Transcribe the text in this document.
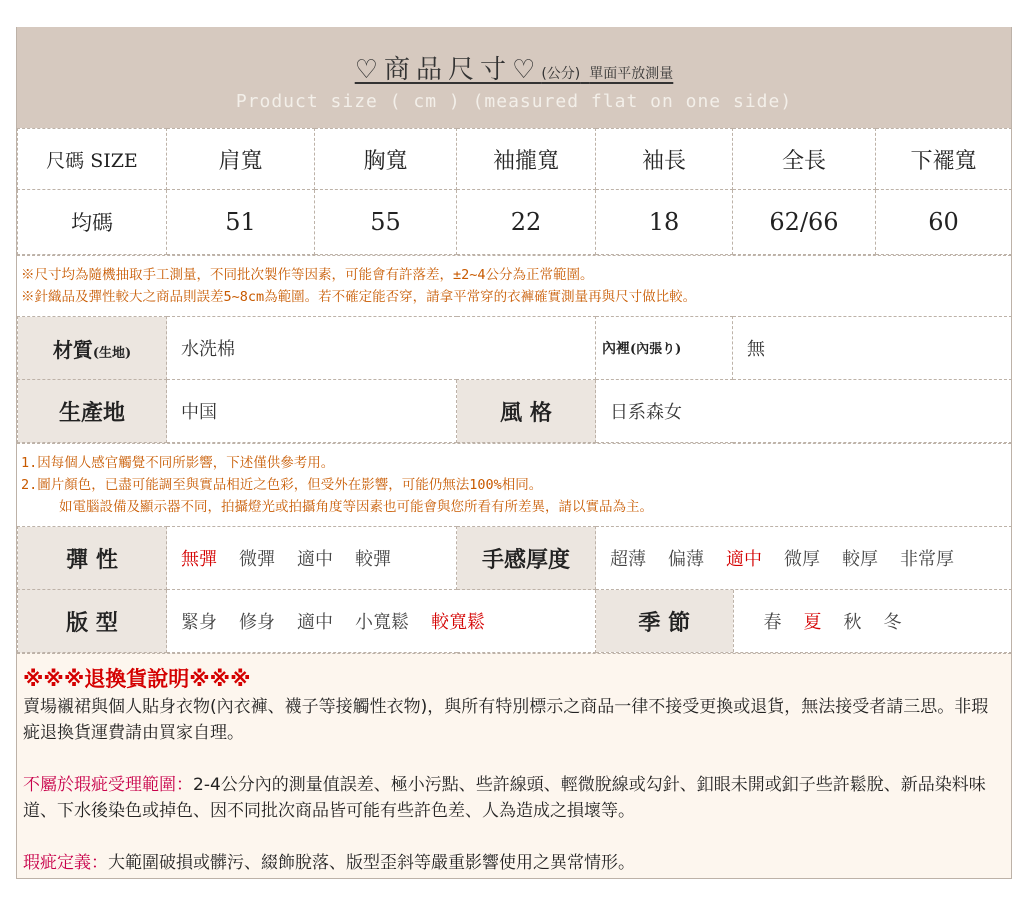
♡商品尺寸♡(公分) 單面平放測量
Product size ( cm ) (measured flat on one side)
尺碼 SIZE	肩寬	胸寬	袖攏寬	袖長	全長	下襬寬
均碼	51	55	22	18	62/66	60
※尺寸均為隨機抽取手工測量，不同批次製作等因素，可能會有許落差，±2~4公分為正常範圍。
※針織品及彈性較大之商品則誤差5~8cm為範圍。若不確定能否穿，請拿平常穿的衣褲確實測量再與尺寸做比較。
材質(生地)	水洗棉		內裡(內張り)	無
生產地	中国	風 格	日系森女	
1.因每個人感官觸覺不同所影響，下述僅供參考用。
2.圖片顏色，已盡可能調至與實品相近之色彩，但受外在影響，可能仍無法100%相同。
如電腦設備及顯示器不同，拍攝燈光或拍攝角度等因素也可能會與您所看有所差異，請以實品為主。
彈 性	無彈 微彈 適中 較彈	手感厚度	超薄 偏薄 適中 微厚 較厚 非常厚
版 型	緊身 修身 適中 小寬鬆 較寬鬆		季 節	春 夏 秋 冬
※※※退換貨說明※※※

賣場襯裙與個人貼身衣物(內衣褲、襪子等接觸性衣物)，與所有特別標示之商品一律不接受更換或退貨，無法接受者請三思。非瑕疵退換貨運費請由買家自理。

不屬於瑕疵受理範圍：2-4公分內的測量值誤差、極小污點、些許線頭、輕微脫線或勾針、釦眼未開或釦子些許鬆脫、新品染料味道、下水後染色或掉色、因不同批次商品皆可能有些許色差、人為造成之損壞等。

瑕疵定義：大範圍破損或髒污、綴飾脫落、版型歪斜等嚴重影響使用之異常情形。
